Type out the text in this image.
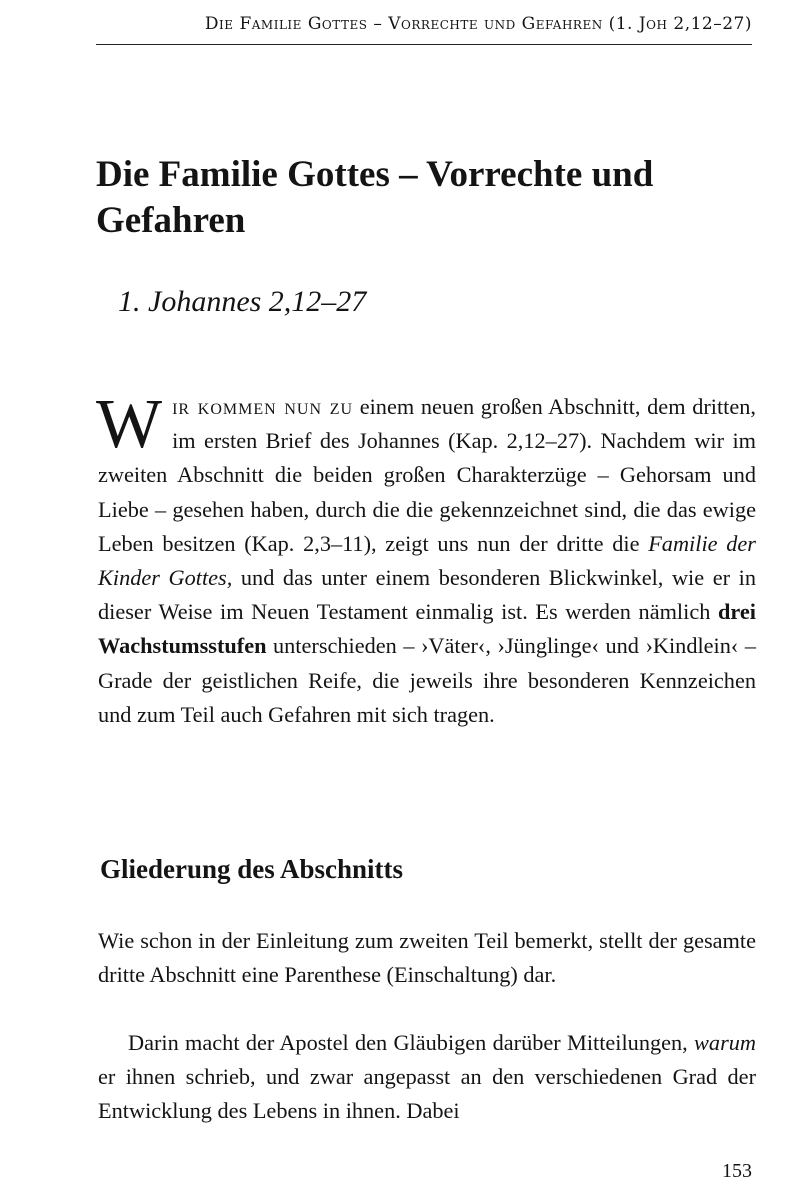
Die Familie Gottes – Vorrechte und Gefahren (1. Joh 2,12–27)
Die Familie Gottes – Vorrechte und Gefahren
1. Johannes 2,12–27

Wir kommen nun zu einem neuen großen Abschnitt, dem dritten, im ersten Brief des Johannes (Kap. 2,12–27). Nachdem wir im zweiten Abschnitt die beiden großen Charakterzüge – Gehorsam und Liebe – gesehen haben, durch die die gekennzeichnet sind, die das ewige Leben besitzen (Kap. 2,3–11), zeigt uns nun der dritte die Familie der Kinder Gottes, und das unter einem besonderen Blickwinkel, wie er in dieser Weise im Neuen Testament einmalig ist. Es werden nämlich drei Wachstumsstufen unterschieden – ›Väter‹, ›Jünglinge‹ und ›Kindlein‹ – Grade der geistlichen Reife, die jeweils ihre besonderen Kennzeichen und zum Teil auch Gefahren mit sich tragen.

Gliederung des Abschnitts

Wie schon in der Einleitung zum zweiten Teil bemerkt, stellt der gesamte dritte Abschnitt eine Parenthese (Einschaltung) dar.

Darin macht der Apostel den Gläubigen darüber Mitteilungen, warum er ihnen schrieb, und zwar angepasst an den verschiedenen Grad der Entwicklung des Lebens in ihnen. Dabei

153
